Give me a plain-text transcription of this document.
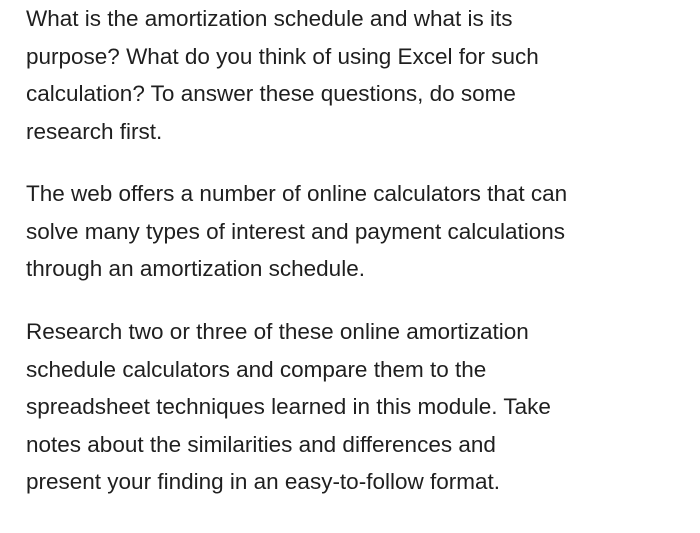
What is the amortization schedule and what is its
purpose? What do you think of using Excel for such
calculation? To answer these questions, do some
research first.

The web offers a number of online calculators that can
solve many types of interest and payment calculations
through an amortization schedule.

Research two or three of these online amortization
schedule calculators and compare them to the
spreadsheet techniques learned in this module. Take
notes about the similarities and differences and
present your finding in an easy-to-follow format.
